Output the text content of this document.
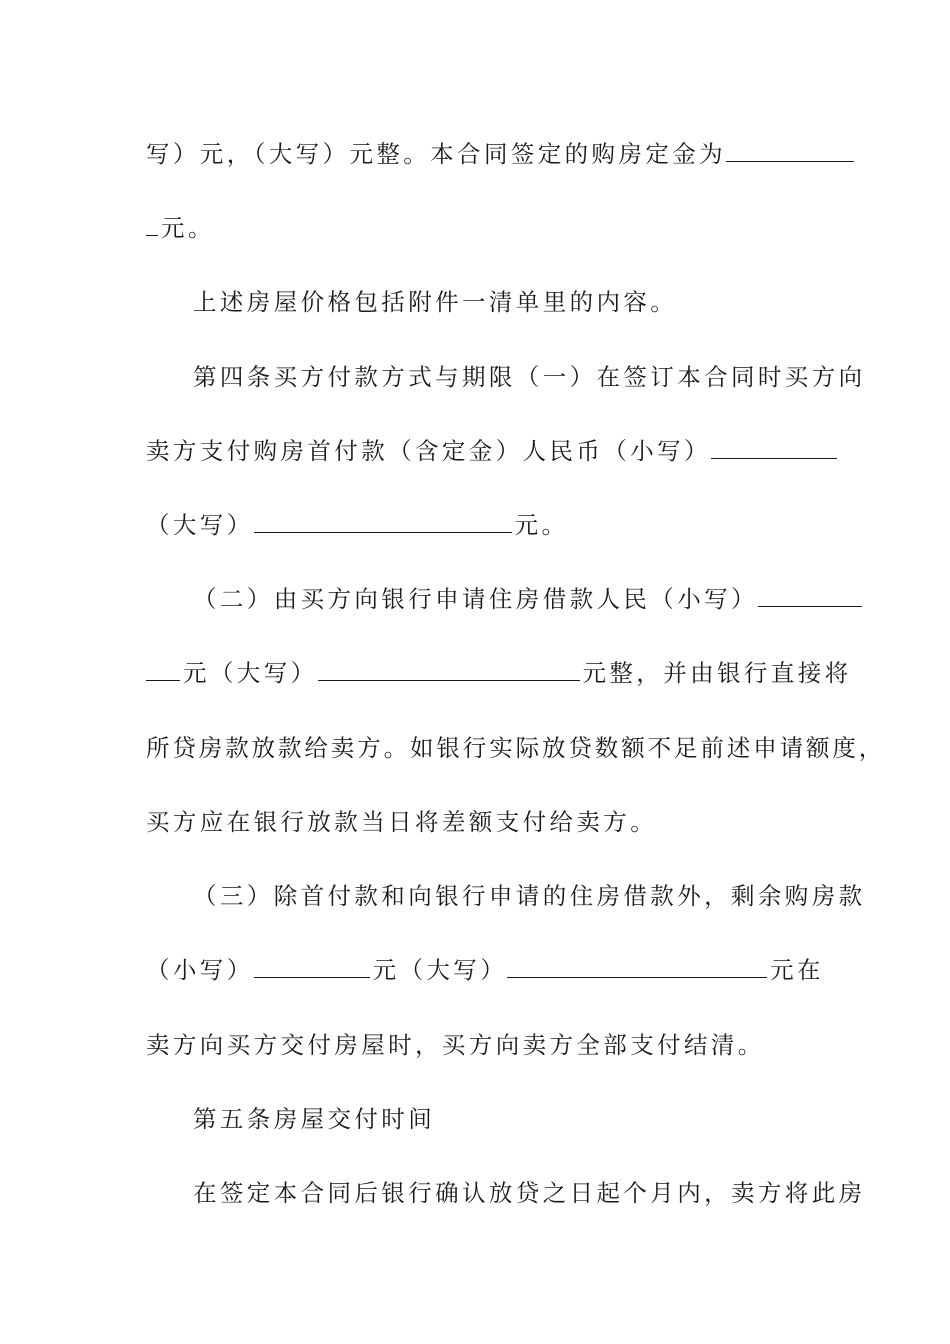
写）元，（大写）元整。本合同签定的购房定金为
元。
上述房屋价格包括附件一清单里的内容。
第四条买方付款方式与期限（一）在签订本合同时买方向
卖方支付购房首付款（含定金）人民币（小写）
（大写）	元。
（二）由买方向银行申请住房借款人民（小写）
元（大写）	元整，并由银行直接将
所贷房款放款给卖方。如银行实际放贷数额不足前述申请额度，
买方应在银行放款当日将差额支付给卖方。
（三）除首付款和向银行申请的住房借款外，剩余购房款
（小写）	元（大写）	元在
卖方向买方交付房屋时，买方向卖方全部支付结清。
第五条房屋交付时间
在签定本合同后银行确认放贷之日起个月内，卖方将此房
